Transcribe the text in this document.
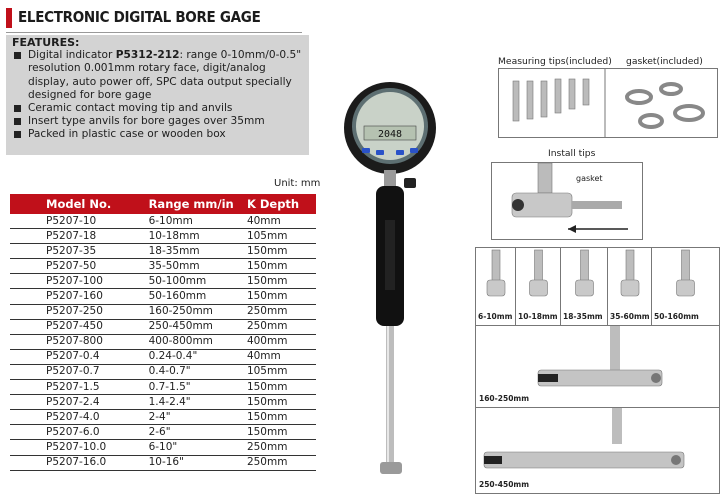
ELECTRONIC DIGITAL BORE GAGE
FEATURES:
Digital indicator P5312-212: range 0-10mm/0-0.5" resolution 0.001mm rotary face, digit/analog display, auto power off, SPC data output specially designed for bore gage
Ceramic contact moving tip and anvils
Insert type anvils for bore gages over 35mm
Packed in plastic case or wooden box
Unit: mm
Model No.	Range mm/in	K Depth
P5207-10	6-10mm	40mm
P5207-18	10-18mm	105mm
P5207-35	18-35mm	150mm
P5207-50	35-50mm	150mm
P5207-100	50-100mm	150mm
P5207-160	50-160mm	150mm
P5207-250	160-250mm	250mm
P5207-450	250-450mm	250mm
P5207-800	400-800mm	400mm
P5207-0.4	0.24-0.4"	40mm
P5207-0.7	0.4-0.7"	105mm
P5207-1.5	0.7-1.5"	150mm
P5207-2.4	1.4-2.4"	150mm
P5207-4.0	2-4"	150mm
P5207-6.0	2-6"	150mm
P5207-10.0	6-10"	250mm
P5207-16.0	10-16"	250mm
2048
Measuring tips(included) gasket(included)
Install tips
gasket
6-10mm 10-18mm 18-35mm 35-60mm 50-160mm
160-250mm
250-450mm
